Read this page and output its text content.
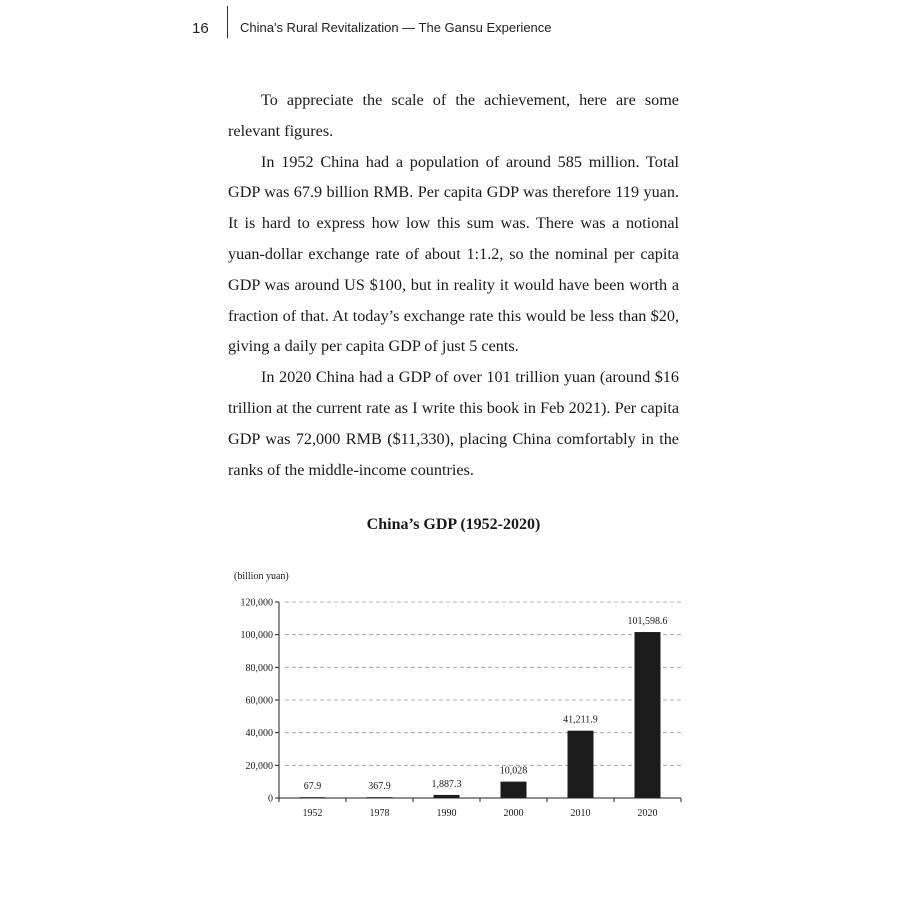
16 China's Rural Revitalization — The Gansu Experience

To appreciate the scale of the achievement, here are some relevant figures.

In 1952 China had a population of around 585 million. Total GDP was 67.9 billion RMB. Per capita GDP was therefore 119 yuan. It is hard to express how low this sum was. There was a notional yuan-dollar exchange rate of about 1:1.2, so the nominal per capita GDP was around US $100, but in reality it would have been worth a fraction of that. At today’s exchange rate this would be less than $20, giving a daily per capita GDP of just 5 cents.

In 2020 China had a GDP of over 101 trillion yuan (around $16 trillion at the current rate as I write this book in Feb 2021). Per capita GDP was 72,000 RMB ($11,330), placing China comfortably in the ranks of the middle-income countries.

China’s GDP (1952-2020)
(billion yuan)
0
20,000
40,000
60,000
80,000
100,000
120,000
67.9
1952
367.9
1978
1,887.3
1990
10,028
2000
41,211.9
2010
101,598.6
2020
